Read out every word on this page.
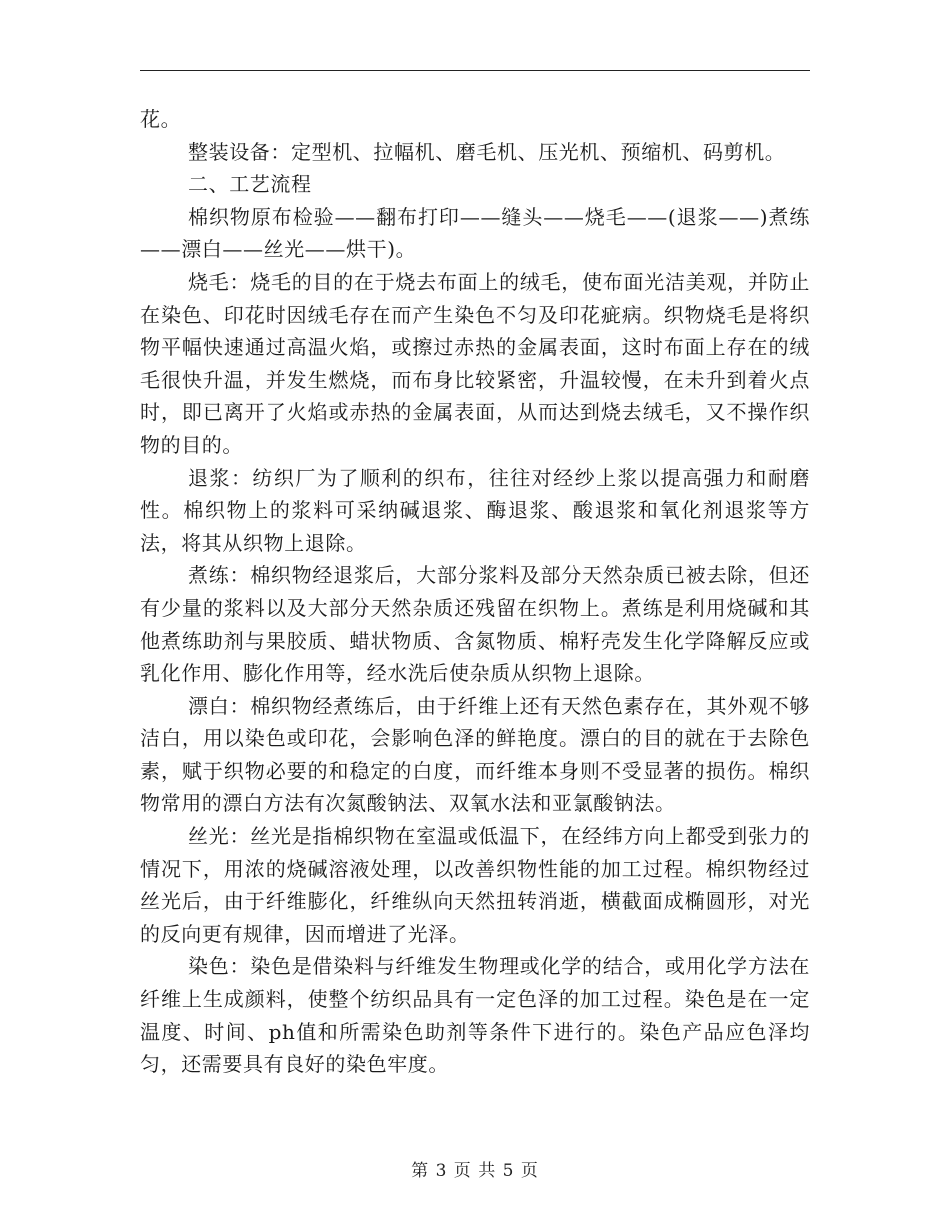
花。

整装设备：定型机、拉幅机、磨毛机、压光机、预缩机、码剪机。

二、工艺流程

棉织物原布检验——翻布打印——缝头——烧毛——(退浆——)煮练——漂白——丝光——烘干)。

烧毛：烧毛的目的在于烧去布面上的绒毛，使布面光洁美观，并防止在染色、印花时因绒毛存在而产生染色不匀及印花疵病。织物烧毛是将织物平幅快速通过高温火焰，或擦过赤热的金属表面，这时布面上存在的绒毛很快升温，并发生燃烧，而布身比较紧密，升温较慢，在未升到着火点时，即已离开了火焰或赤热的金属表面，从而达到烧去绒毛，又不操作织物的目的。

退浆：纺织厂为了顺利的织布，往往对经纱上浆以提高强力和耐磨性。棉织物上的浆料可采纳碱退浆、酶退浆、酸退浆和氧化剂退浆等方法，将其从织物上退除。

煮练：棉织物经退浆后，大部分浆料及部分天然杂质已被去除，但还有少量的浆料以及大部分天然杂质还残留在织物上。煮练是利用烧碱和其他煮练助剂与果胶质、蜡状物质、含氮物质、棉籽壳发生化学降解反应或乳化作用、膨化作用等，经水洗后使杂质从织物上退除。

漂白：棉织物经煮练后，由于纤维上还有天然色素存在，其外观不够洁白，用以染色或印花，会影响色泽的鲜艳度。漂白的目的就在于去除色素，赋于织物必要的和稳定的白度，而纤维本身则不受显著的损伤。棉织物常用的漂白方法有次氮酸钠法、双氧水法和亚氯酸钠法。

丝光：丝光是指棉织物在室温或低温下，在经纬方向上都受到张力的情况下，用浓的烧碱溶液处理，以改善织物性能的加工过程。棉织物经过丝光后，由于纤维膨化，纤维纵向天然扭转消逝，横截面成椭圆形，对光的反向更有规律，因而增进了光泽。

染色：染色是借染料与纤维发生物理或化学的结合，或用化学方法在纤维上生成颜料，使整个纺织品具有一定色泽的加工过程。染色是在一定温度、时间、ph值和所需染色助剂等条件下进行的。染色产品应色泽均匀，还需要具有良好的染色牢度。

第 3 页 共 5 页
